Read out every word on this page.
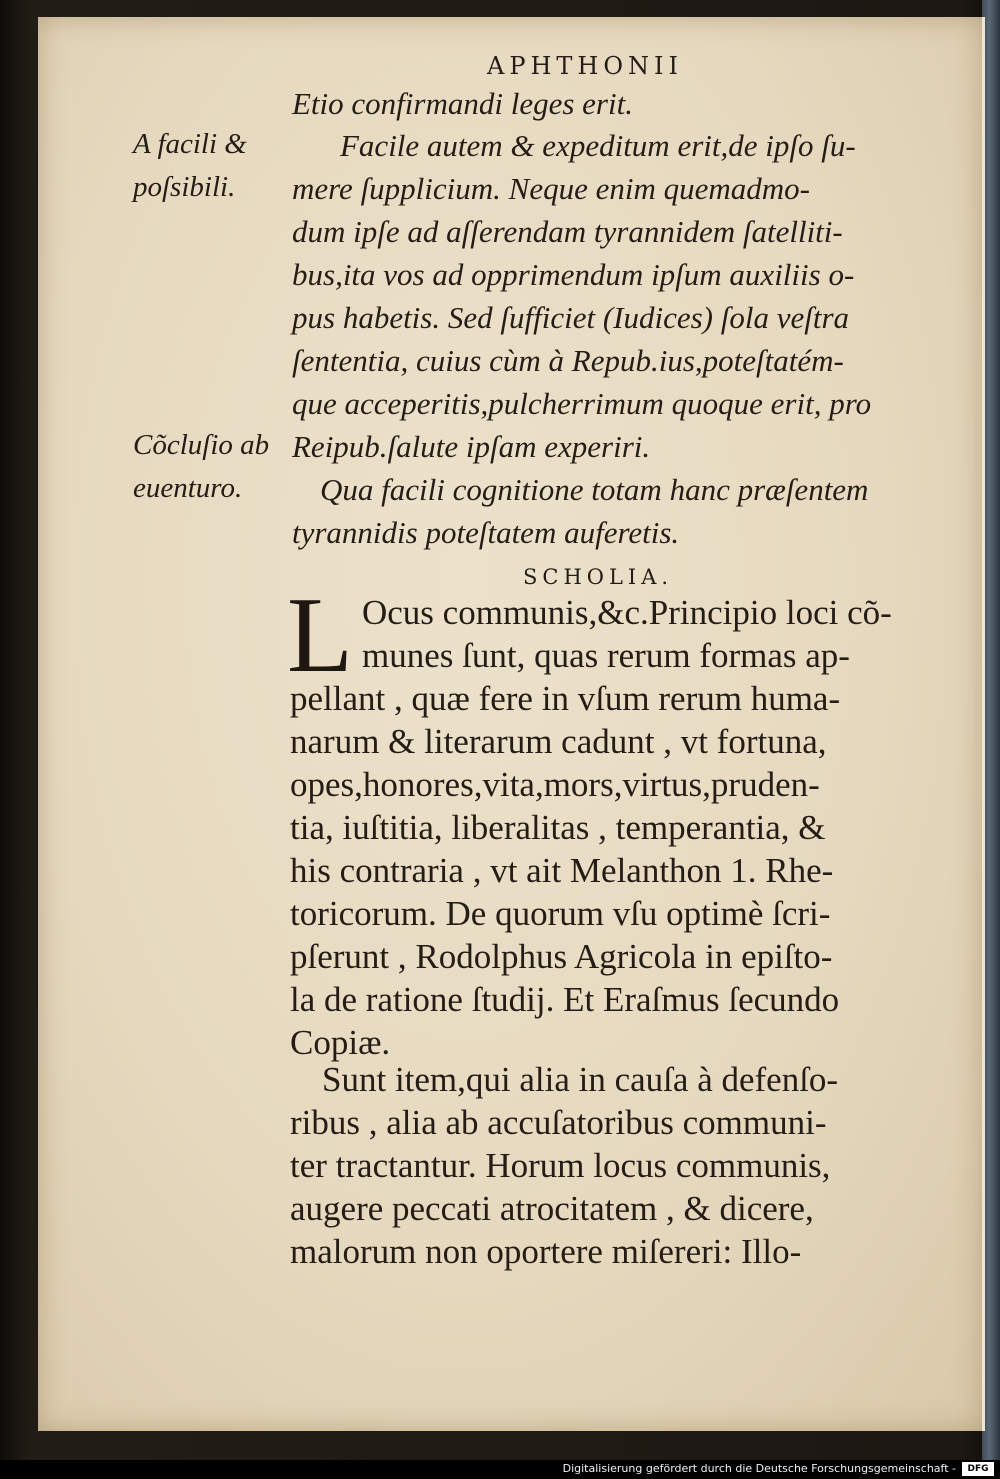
APHTHONII
Etio confirmandi leges erit.
Facile autem & expeditum erit,de ipſo ſu-
mere ſupplicium. Neque enim quemadmo-
dum ipſe ad aſſerendam tyrannidem ſatelliti-
bus,ita vos ad opprimendum ipſum auxiliis o-
pus habetis. Sed ſufficiet (Iudices) ſola veſtra
ſententia, cuius cùm à Repub.ius,poteſtatém-
que acceperitis,pulcherrimum quoque erit, pro
Reipub.ſalute ipſam experiri.
Qua facili cognitione totam hanc præſentem
tyrannidis poteſtatem auferetis.
A facili &
poſsibili.
Cõcluſio ab
euenturo.
SCHOLIA.
L Ocus communis,&c.Principio loci cõ-
munes ſunt, quas rerum formas ap-
pellant , quæ fere in vſum rerum huma-
narum & literarum cadunt , vt fortuna,
opes,honores,vita,mors,virtus,pruden-
tia, iuſtitia, liberalitas , temperantia, &
his contraria , vt ait Melanthon 1. Rhe-
toricorum. De quorum vſu optimè ſcri-
pſerunt , Rodolphus Agricola in epiſto-
la de ratione ſtudij. Et Eraſmus ſecundo
Copiæ.
Sunt item,qui alia in cauſa à defenſo-
ribus , alia ab accuſatoribus communi-
ter tractantur. Horum locus communis,
augere peccati atrocitatem , & dicere,
malorum non oportere miſereri: Illo-
Digitalisierung gefördert durch die Deutsche Forschungsgemeinschaft -	DFG
